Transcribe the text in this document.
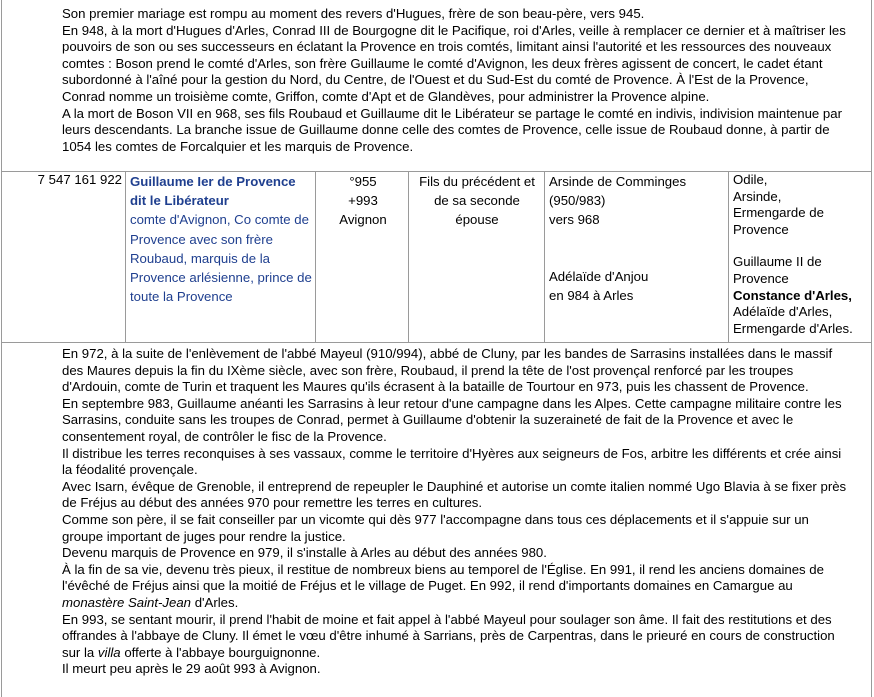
Son premier mariage est rompu au moment des revers d'Hugues, frère de son beau-père, vers 945.

En 948, à la mort d'Hugues d'Arles, Conrad III de Bourgogne dit le Pacifique, roi d'Arles, veille à remplacer ce dernier et à maîtriser les pouvoirs de son ou ses successeurs en éclatant la Provence en trois comtés, limitant ainsi l'autorité et les ressources des nouveaux comtes : Boson prend le comté d'Arles, son frère Guillaume le comté d'Avignon, les deux frères agissent de concert, le cadet étant subordonné à l'aîné pour la gestion du Nord, du Centre, de l'Ouest et du Sud-Est du comté de Provence. À l'Est de la Provence, Conrad nomme un troisième comte, Griffon, comte d'Apt et de Glandèves, pour administrer la Provence alpine.

A la mort de Boson VII en 968, ses fils Roubaud et Guillaume dit le Libérateur se partage le comté en indivis, indivision maintenue par leurs descendants. La branche issue de Guillaume donne celle des comtes de Provence, celle issue de Roubaud donne, à partir de 1054 les comtes de Forcalquier et les marquis de Provence.

7 547 161 922 Guillaume Ier de Provence dit le Libérateur
comte d'Avignon, Co comte de Provence avec son frère Roubaud, marquis de la Provence arlésienne, prince de toute la Provence
°955
+993
Avignon
Fils du précédent et de sa seconde épouse
Arsinde de Comminges
(950/983)
vers 968
Adélaïde d'Anjou
en 984 à Arles
Odile,
Arsinde,
Ermengarde de Provence
Guillaume II de Provence
Constance d'Arles,
Adélaïde d'Arles,
Ermengarde d'Arles.

En 972, à la suite de l'enlèvement de l'abbé Mayeul (910/994), abbé de Cluny, par les bandes de Sarrasins installées dans le massif des Maures depuis la fin du IXème siècle, avec son frère, Roubaud, il prend la tête de l'ost provençal renforcé par les troupes d'Ardouin, comte de Turin et traquent les Maures qu'ils écrasent à la bataille de Tourtour en 973, puis les chassent de Provence.

En septembre 983, Guillaume anéanti les Sarrasins à leur retour d'une campagne dans les Alpes. Cette campagne militaire contre les Sarrasins, conduite sans les troupes de Conrad, permet à Guillaume d'obtenir la suzeraineté de fait de la Provence et avec le consentement royal, de contrôler le fisc de la Provence.

Il distribue les terres reconquises à ses vassaux, comme le territoire d'Hyères aux seigneurs de Fos, arbitre les différents et crée ainsi la féodalité provençale.

Avec Isarn, évêque de Grenoble, il entreprend de repeupler le Dauphiné et autorise un comte italien nommé Ugo Blavia à se fixer près de Fréjus au début des années 970 pour remettre les terres en cultures.

Comme son père, il se fait conseiller par un vicomte qui dès 977 l'accompagne dans tous ces déplacements et il s'appuie sur un groupe important de juges pour rendre la justice.

Devenu marquis de Provence en 979, il s'installe à Arles au début des années 980.

À la fin de sa vie, devenu très pieux, il restitue de nombreux biens au temporel de l'Église. En 991, il rend les anciens domaines de l'évêché de Fréjus ainsi que la moitié de Fréjus et le village de Puget. En 992, il rend d'importants domaines en Camargue au monastère Saint-Jean d'Arles.

En 993, se sentant mourir, il prend l'habit de moine et fait appel à l'abbé Mayeul pour soulager son âme. Il fait des restitutions et des offrandes à l'abbaye de Cluny. Il émet le vœu d'être inhumé à Sarrians, près de Carpentras, dans le prieuré en cours de construction sur la villa offerte à l'abbaye bourguignonne.

Il meurt peu après le 29 août 993 à Avignon.
